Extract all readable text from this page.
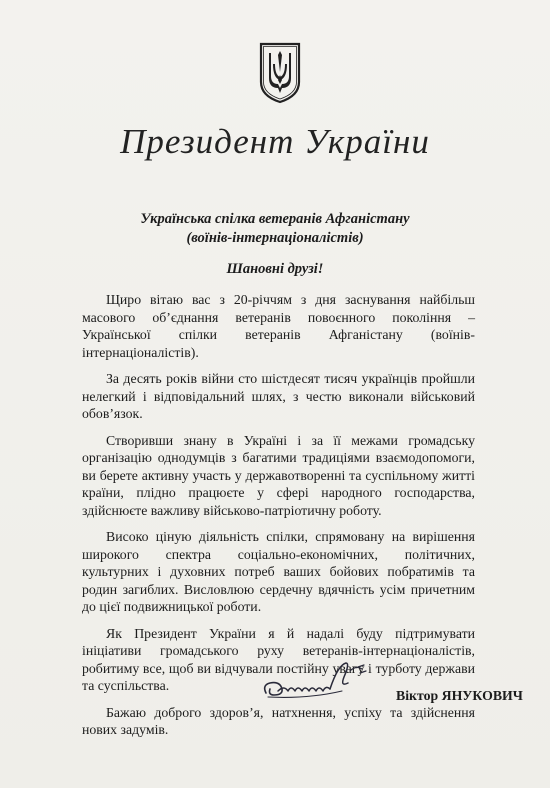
Президент України
Українська спілка ветеранів Афганістану
(воїнів-інтернаціоналістів)
Шановні друзі!

Щиро вітаю вас з 20-річчям з дня заснування найбільш масового об’єднання ветеранів повоєнного покоління – Української спілки ветеранів Афганістану (воїнів-інтернаціоналістів).

За десять років війни сто шістдесят тисяч українців пройшли нелегкий і відповідальний шлях, з честю виконали військовий обов’язок.

Створивши знану в Україні і за її межами громадську організацію однодумців з багатими традиціями взаємодопомоги, ви берете активну участь у державотворенні та суспільному житті країни, плідно працюєте у сфері народного господарства, здійснюєте важливу військово-патріотичну роботу.

Високо ціную діяльність спілки, спрямовану на вирішення широкого спектра соціально-економічних, політичних, культурних і духовних потреб ваших бойових побратимів та родин загиблих. Висловлюю сердечну вдячність усім причетним до цієї подвижницької роботи.

Як Президент України я й надалі буду підтримувати ініціативи громадського руху ветеранів-інтернаціоналістів, робитиму все, щоб ви відчували постійну увагу і турботу держави та суспільства.

Бажаю доброго здоров’я, натхнення, успіху та здійснення нових задумів.

Віктор ЯНУКОВИЧ
